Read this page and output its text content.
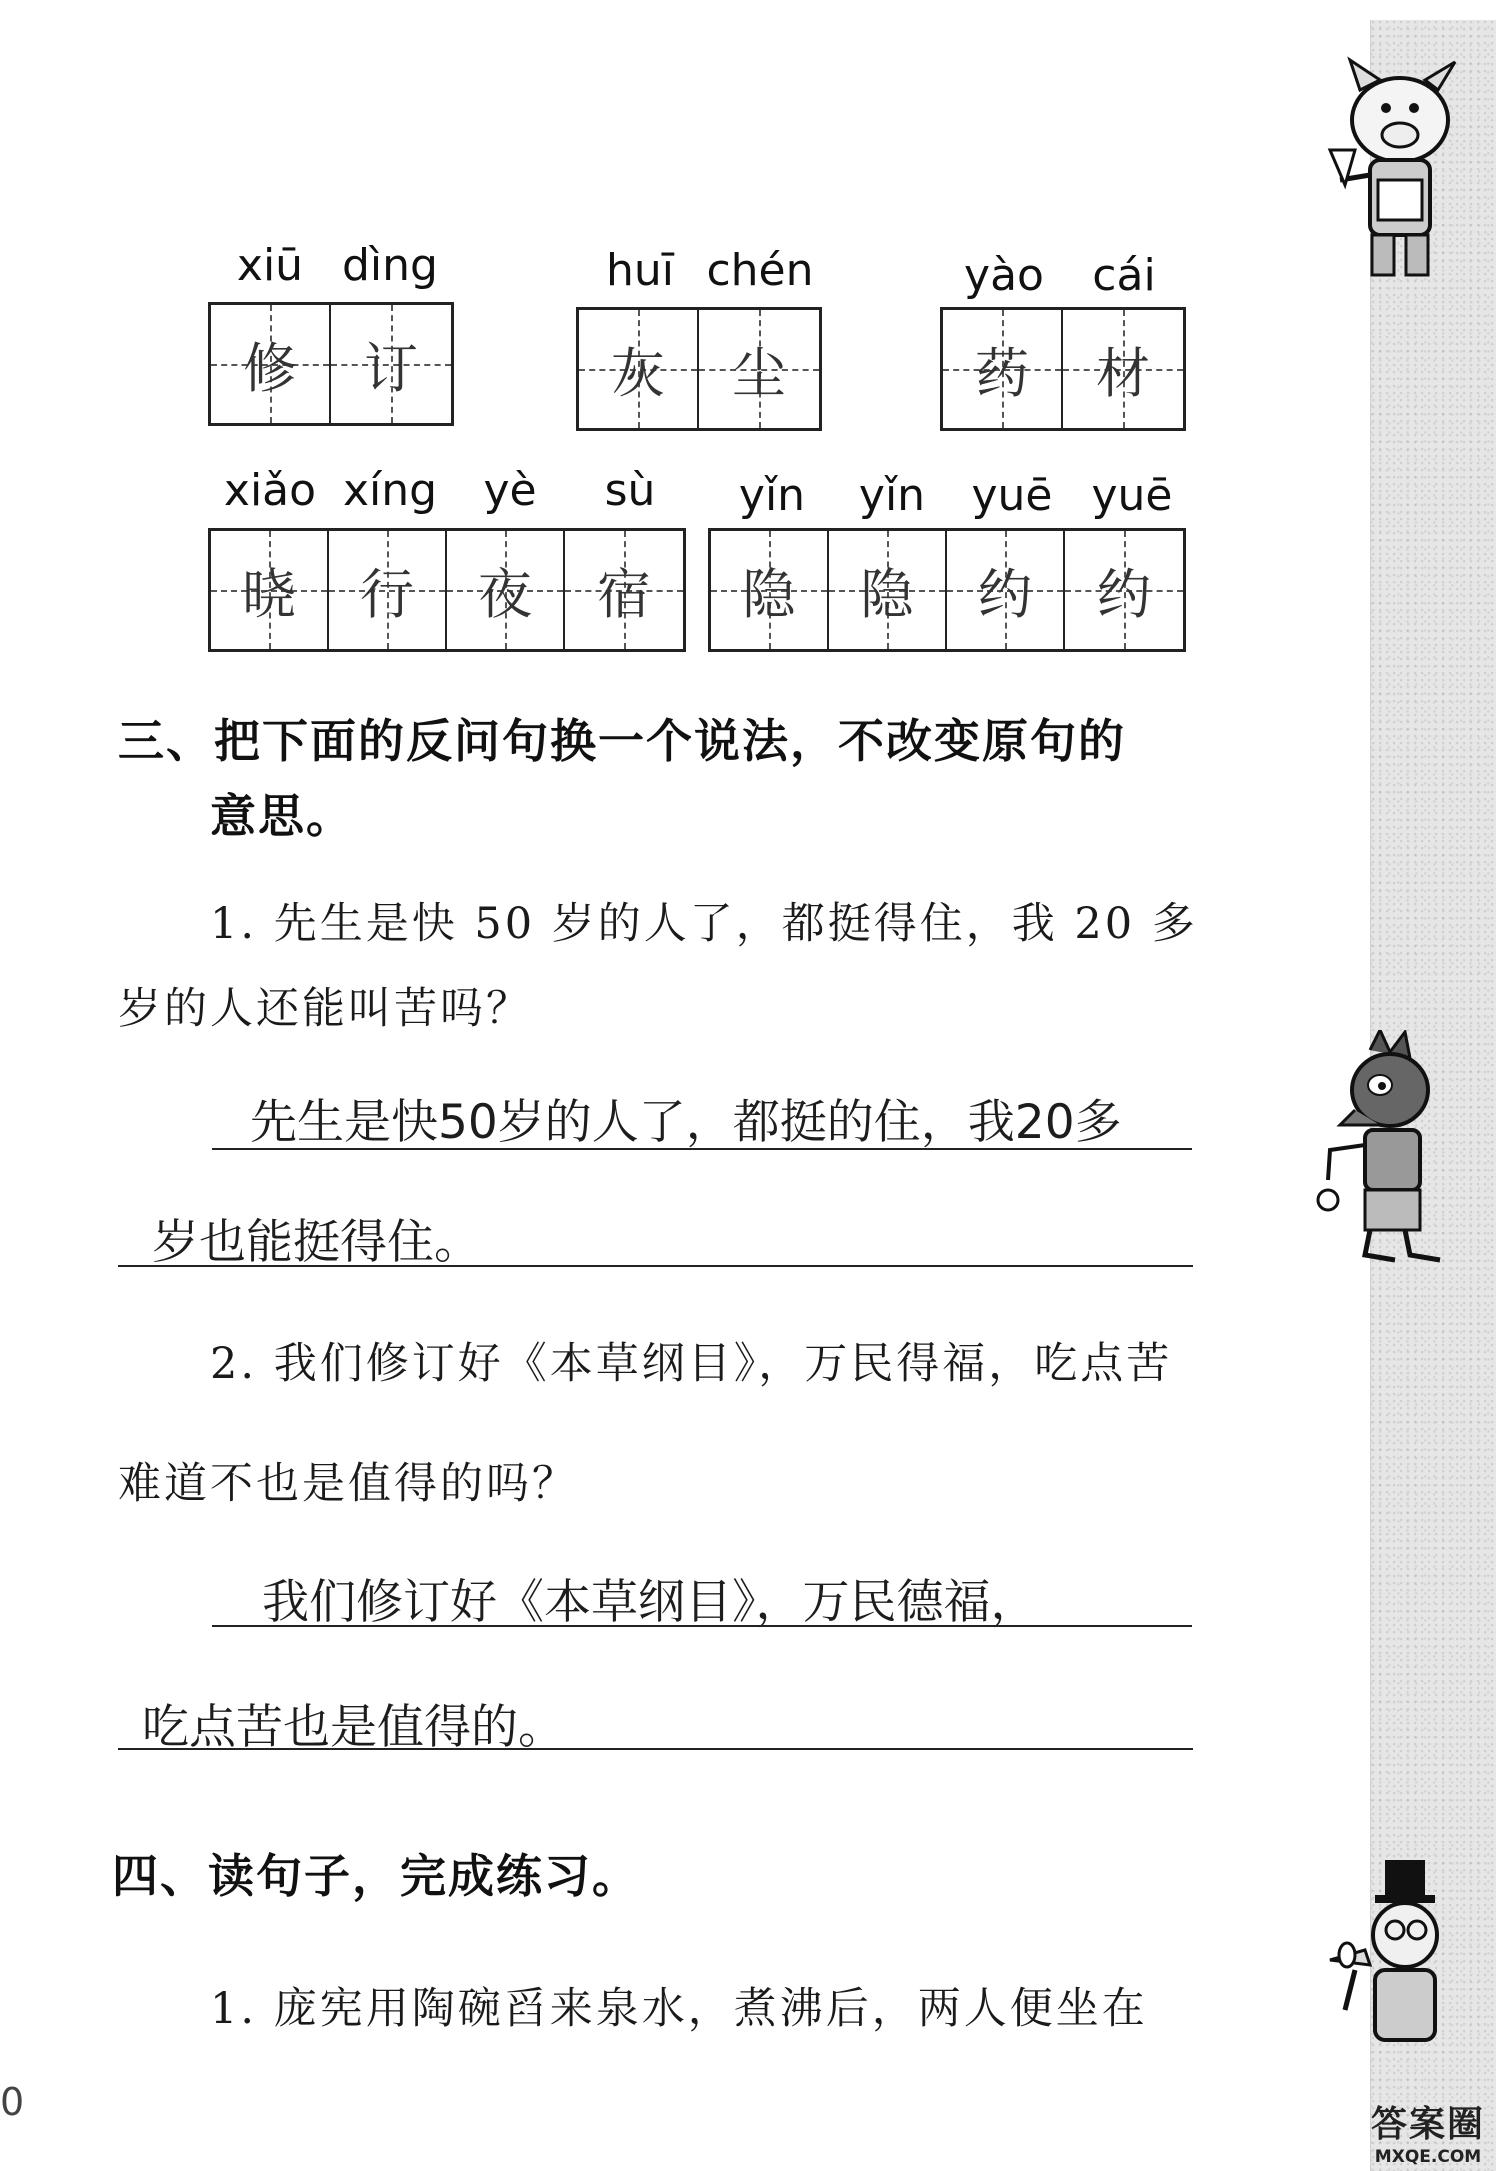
xiū dìng
修 订
huī chén
灰 尘
yào	cái
药 材
xiǎo xíng	yè	sù
晓 行 夜 宿
yǐn	yǐn	yuē yuē
隐 隐 约 约
三、把下面的反问句换一个说法，不改变原句的
意思。
1. 先生是快 50 岁的人了，都挺得住，我 20 多
岁的人还能叫苦吗？
先生是快50岁的人了，都挺的住，我20多
岁也能挺得住。
2. 我们修订好《本草纲目》，万民得福，吃点苦
难道不也是值得的吗？
我们修订好《本草纲目》，万民德福，
吃点苦也是值得的。
四、读句子，完成练习。
1. 庞宪用陶碗舀来泉水，煮沸后，两人便坐在
0
答案圈
MXQE.COM
